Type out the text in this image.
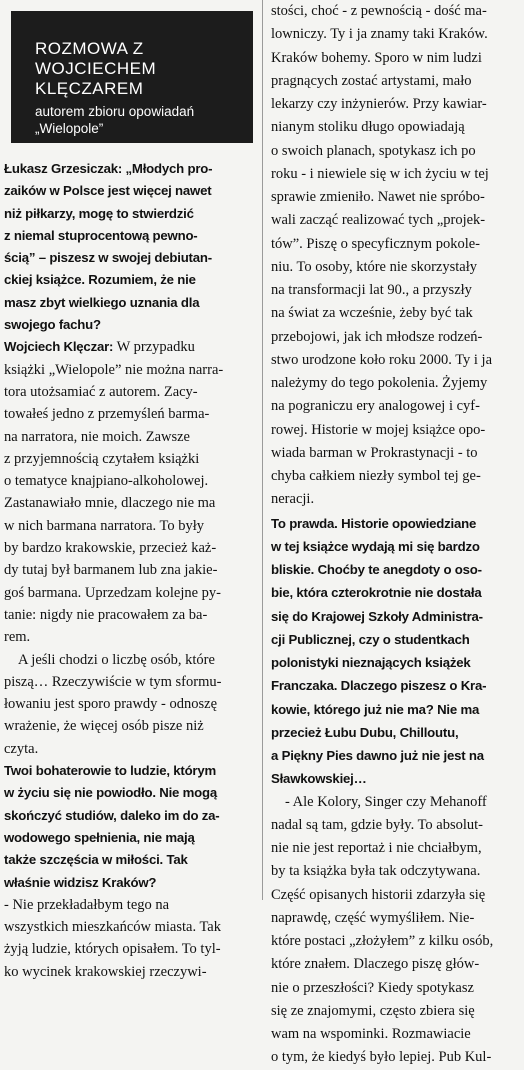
ROZMOWA Z
WOJCIECHEM
KLĘCZAREM
autorem zbioru opowiadań
„Wielopole”
Łukasz Grzesiczak: „Młodych pro-
zaików w Polsce jest więcej nawet
niż piłkarzy, mogę to stwierdzić
z niemal stuprocentową pewno-
ścią” – piszesz w swojej debiutan-
ckiej książce. Rozumiem, że nie
masz zbyt wielkiego uznania dla
swojego fachu?
Wojciech Klęczar: W przypadku
książki „Wielopole” nie można narra-
tora utożsamiać z autorem. Zacy-
towałeś jedno z przemyśleń barma-
na narratora, nie moich. Zawsze
z przyjemnością czytałem książki
o tematyce knajpiano-alkoholowej.
Zastanawiało mnie, dlaczego nie ma
w nich barmana narratora. To były
by bardzo krakowskie, przecież każ-
dy tutaj był barmanem lub zna jakie-
goś barmana. Uprzedzam kolejne py-
tanie: nigdy nie pracowałem za ba-
rem.
A jeśli chodzi o liczbę osób, które
piszą… Rzeczywiście w tym sformu-
łowaniu jest sporo prawdy - odnoszę
wrażenie, że więcej osób pisze niż
czyta.
Twoi bohaterowie to ludzie, którym
w życiu się nie powiodło. Nie mogą
skończyć studiów, daleko im do za-
wodowego spełnienia, nie mają
także szczęścia w miłości. Tak
właśnie widzisz Kraków?
- Nie przekładałbym tego na
wszystkich mieszkańców miasta. Tak
żyją ludzie, których opisałem. To tyl-
ko wycinek krakowskiej rzeczywi-
stości, choć - z pewnością - dość ma-
lowniczy. Ty i ja znamy taki Kraków.
Kraków bohemy. Sporo w nim ludzi
pragnących zostać artystami, mało
lekarzy czy inżynierów. Przy kawiar-
nianym stoliku długo opowiadają
o swoich planach, spotykasz ich po
roku - i niewiele się w ich życiu w tej
sprawie zmieniło. Nawet nie spróbo-
wali zacząć realizować tych „projek-
tów”. Piszę o specyficznym pokole-
niu. To osoby, które nie skorzystały
na transformacji lat 90., a przyszły
na świat za wcześnie, żeby być tak
przebojowi, jak ich młodsze rodzeń-
stwo urodzone koło roku 2000. Ty i ja
należymy do tego pokolenia. Żyjemy
na pograniczu ery analogowej i cyf-
rowej. Historie w mojej książce opo-
wiada barman w Prokrastynacji - to
chyba całkiem niezły symbol tej ge-
neracji.
To prawda. Historie opowiedziane
w tej książce wydają mi się bardzo
bliskie. Choćby te anegdoty o oso-
bie, która czterokrotnie nie dostała
się do Krajowej Szkoły Administra-
cji Publicznej, czy o studentkach
polonistyki nieznających książek
Franczaka. Dlaczego piszesz o Kra-
kowie, którego już nie ma? Nie ma
przecież Łubu Dubu, Chilloutu,
a Piękny Pies dawno już nie jest na
Sławkowskiej…
- Ale Kolory, Singer czy Mehanoff
nadal są tam, gdzie były. To absolut-
nie nie jest reportaż i nie chciałbym,
by ta książka była tak odczytywana.
Część opisanych historii zdarzyła się
naprawdę, część wymyśliłem. Nie-
które postaci „złożyłem” z kilku osób,
które znałem. Dlaczego piszę głów-
nie o przeszłości? Kiedy spotykasz
się ze znajomymi, często zbiera się
wam na wspominki. Rozmawiacie
o tym, że kiedyś było lepiej. Pub Kul-
